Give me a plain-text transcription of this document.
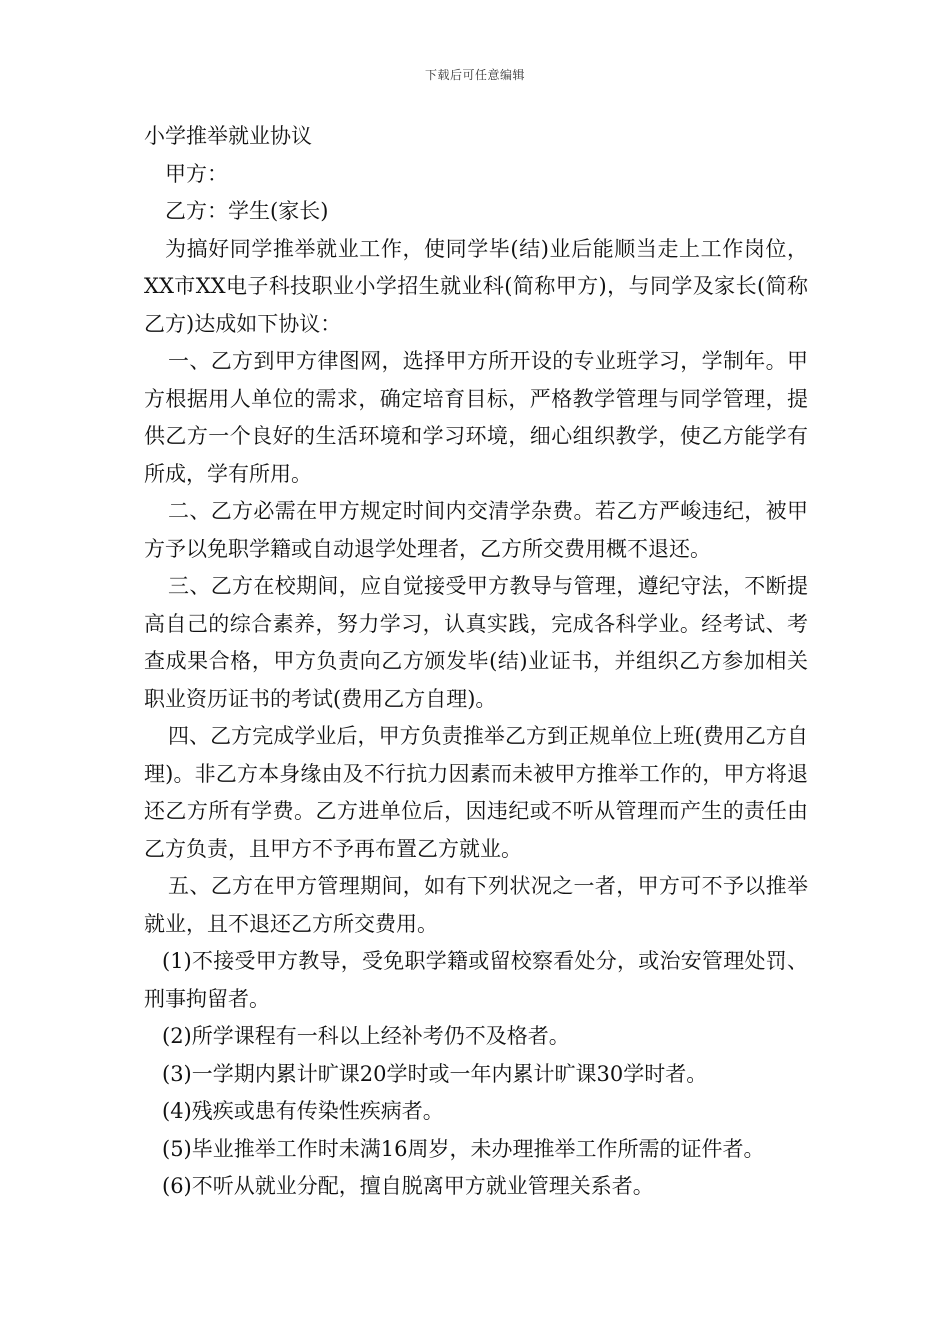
下载后可任意编辑

小学推举就业协议

甲方：

乙方：学生(家长)

为搞好同学推举就业工作，使同学毕(结)业后能顺当走上工作岗位，XX市XX电子科技职业小学招生就业科(简称甲方)，与同学及家长(简称乙方)达成如下协议：

一、乙方到甲方律图网，选择甲方所开设的专业班学习，学制年。甲方根据用人单位的需求，确定培育目标，严格教学管理与同学管理，提供乙方一个良好的生活环境和学习环境，细心组织教学，使乙方能学有所成，学有所用。

二、乙方必需在甲方规定时间内交清学杂费。若乙方严峻违纪，被甲方予以免职学籍或自动退学处理者，乙方所交费用概不退还。

三、乙方在校期间，应自觉接受甲方教导与管理，遵纪守法，不断提高自己的综合素养，努力学习，认真实践，完成各科学业。经考试、考查成果合格，甲方负责向乙方颁发毕(结)业证书，并组织乙方参加相关职业资历证书的考试(费用乙方自理)。

四、乙方完成学业后，甲方负责推举乙方到正规单位上班(费用乙方自理)。非乙方本身缘由及不行抗力因素而未被甲方推举工作的，甲方将退还乙方所有学费。乙方进单位后，因违纪或不听从管理而产生的责任由乙方负责，且甲方不予再布置乙方就业。

五、乙方在甲方管理期间，如有下列状况之一者，甲方可不予以推举就业，且不退还乙方所交费用。

(1)不接受甲方教导，受免职学籍或留校察看处分，或治安管理处罚、刑事拘留者。

(2)所学课程有一科以上经补考仍不及格者。

(3)一学期内累计旷课20学时或一年内累计旷课30学时者。

(4)残疾或患有传染性疾病者。

(5)毕业推举工作时未满16周岁，未办理推举工作所需的证件者。

(6)不听从就业分配，擅自脱离甲方就业管理关系者。
